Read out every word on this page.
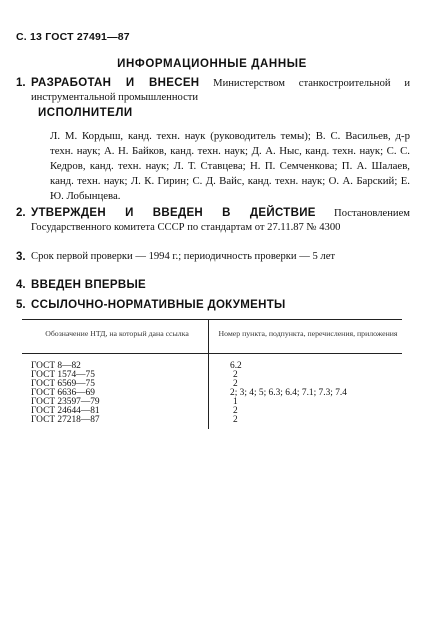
С. 13 ГОСТ 27491—87
ИНФОРМАЦИОННЫЕ ДАННЫЕ
1. РАЗРАБОТАН И ВНЕСЕН Министерством станкостроительной и инструментальной промышленности
ИСПОЛНИТЕЛИ
Л. М. Кордыш, канд. техн. наук (руководитель темы); В. С. Васильев, д-р техн. наук; А. Н. Байков, канд. техн. наук; Д. А. Ныс, канд. техн. наук; С. С. Кедров, канд. техн. наук; Л. Т. Ставцева; Н. П. Семченкова; П. А. Шалаев, канд. техн. наук; Л. К. Гирин; С. Д. Вайс, канд. техн. наук; О. А. Барский; Е. Ю. Лобынцева.
2. УТВЕРЖДЕН И ВВЕДЕН В ДЕЙСТВИЕ Постановлением Государственного комитета СССР по стандартам от 27.11.87 № 4300
3. Срок первой проверки — 1994 г.; периодичность проверки — 5 лет
4. ВВЕДЕН ВПЕРВЫЕ
5. ССЫЛОЧНО-НОРМАТИВНЫЕ ДОКУМЕНТЫ
Обозначение НТД, на который дана ссылка	Номер пункта, подпункта, перечисления, приложения
ГОСТ 8—82	6.2
ГОСТ 1574—75	2
ГОСТ 6569—75	2
ГОСТ 6636—69	2; 3; 4; 5; 6.3; 6.4; 7.1; 7.3; 7.4
ГОСТ 23597—79	1
ГОСТ 24644—81	2
ГОСТ 27218—87	2
